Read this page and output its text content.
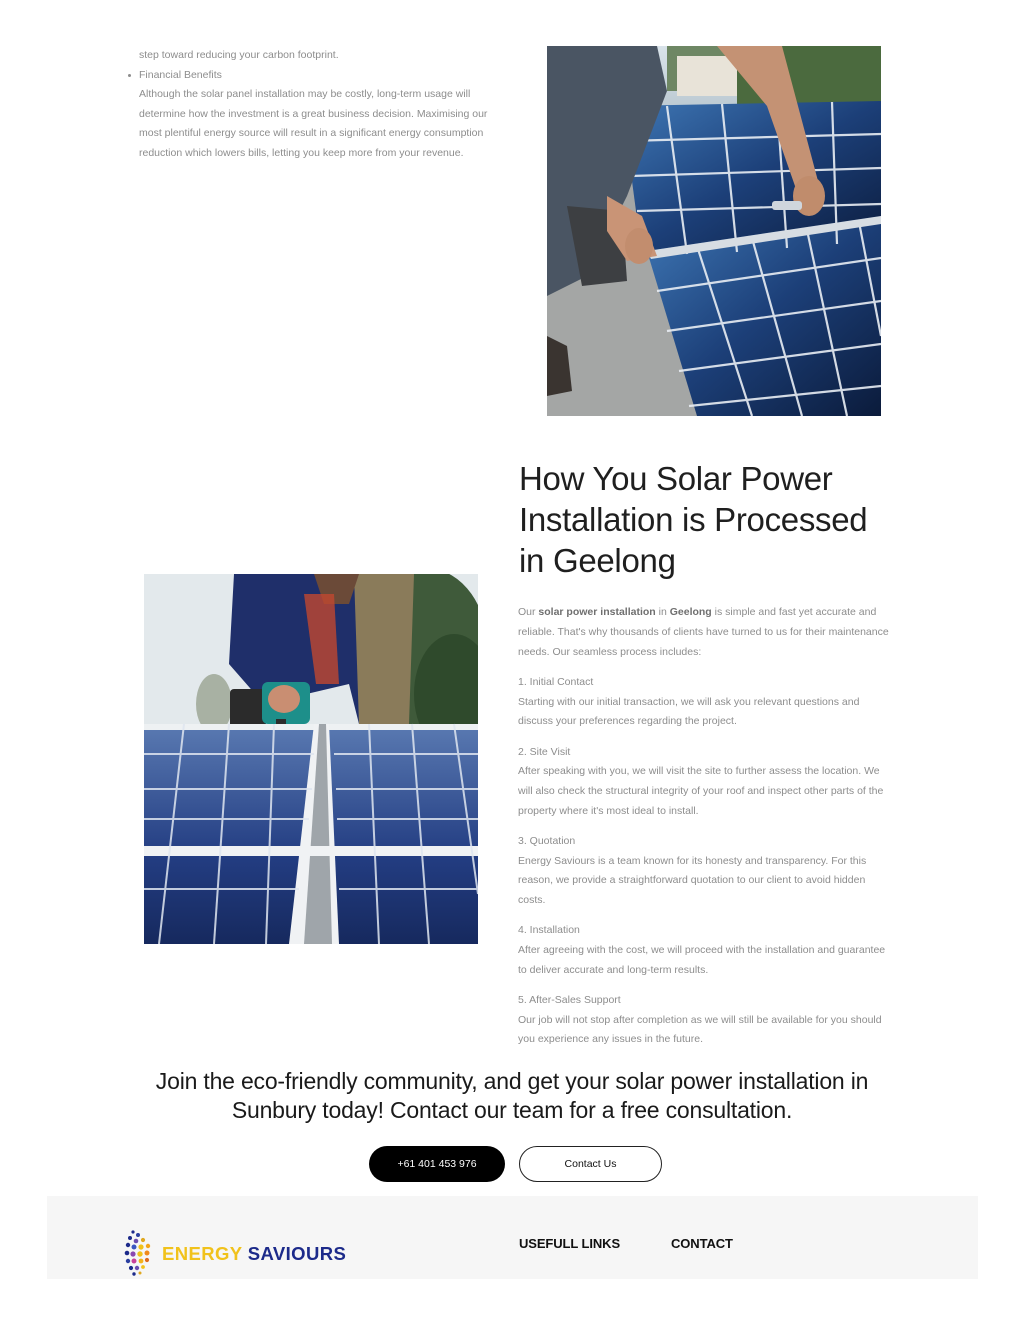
step toward reducing your carbon footprint.

Financial Benefits

Although the solar panel installation may be costly, long-term usage will determine how the investment is a great business decision. Maximising our most plentiful energy source will result in a significant energy consumption reduction which lowers bills, letting you keep more from your revenue.

How You Solar Power Installation is Processed in Geelong

Our solar power installation in Geelong is simple and fast yet accurate and reliable. That's why thousands of clients have turned to us for their maintenance needs. Our seamless process includes:

1. Initial Contact

Starting with our initial transaction, we will ask you relevant questions and discuss your preferences regarding the project.

2. Site Visit

After speaking with you, we will visit the site to further assess the location. We will also check the structural integrity of your roof and inspect other parts of the property where it's most ideal to install.

3. Quotation

Energy Saviours is a team known for its honesty and transparency. For this reason, we provide a straightforward quotation to our client to avoid hidden costs.

4. Installation

After agreeing with the cost, we will proceed with the installation and guarantee to deliver accurate and long-term results.

5. After-Sales Support

Our job will not stop after completion as we will still be available for you should you experience any issues in the future.

Join the eco-friendly community, and get your solar power installation in Sunbury today! Contact our team for a free consultation.

+61 401 453 976	Contact Us
ENERGY SAVIOURS	USEFULL LINKS	CONTACT
